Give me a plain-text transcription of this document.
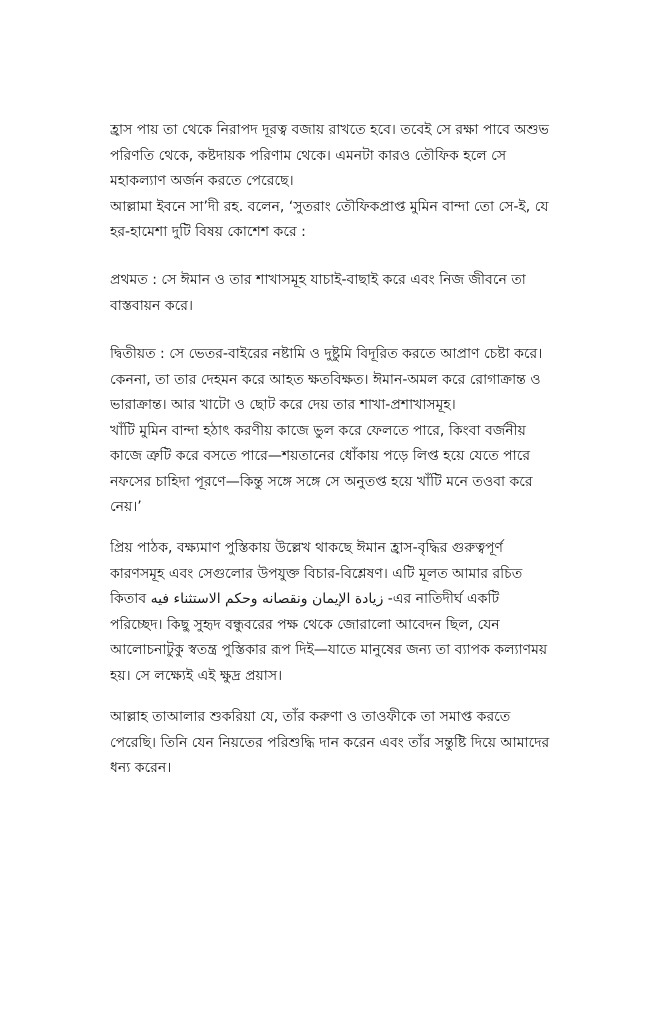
হ্রাস পায় তা থেকে নিরাপদ দূরত্ব বজায় রাখতে হবে। তবেই সে রক্ষা পাবে অশুভ
পরিণতি থেকে, কষ্টদায়ক পরিণাম থেকে। এমনটা কারও তৌফিক হলে সে
মহাকল্যাণ অর্জন করতে পেরেছে।
আল্লামা ইবনে সা’দী রহ. বলেন, ‘সুতরাং তৌফিকপ্রাপ্ত মুমিন বান্দা তো সে-ই, যে
হর-হামেশা দুটি বিষয় কোশেশ করে :
প্রথমত : সে ঈমান ও তার শাখাসমূহ যাচাই-বাছাই করে এবং নিজ জীবনে তা
বাস্তবায়ন করে।
দ্বিতীয়ত : সে ভেতর-বাইরের নষ্টামি ও দুষ্টুমি বিদূরিত করতে আপ্রাণ চেষ্টা করে।
কেননা, তা তার দেহমন করে আহত ক্ষতবিক্ষত। ঈমান-অমল করে রোগাক্রান্ত ও
ভারাক্রান্ত। আর খাটো ও ছোট করে দেয় তার শাখা-প্রশাখাসমূহ।
খাঁটি মুমিন বান্দা হঠাৎ করণীয় কাজে ভুল করে ফেলতে পারে, কিংবা বর্জনীয়
কাজে ত্রুটি করে বসতে পারে—শয়তানের ধোঁকায় পড়ে লিপ্ত হয়ে যেতে পারে
নফসের চাহিদা পূরণে—কিন্তু সঙ্গে সঙ্গে সে অনুতপ্ত হয়ে খাঁটি মনে তওবা করে
নেয়।’
প্রিয় পাঠক, বক্ষ্যমাণ পুস্তিকায় উল্লেখ থাকছে ঈমান হ্রাস-বৃদ্ধির গুরুত্বপূর্ণ
কারণসমূহ এবং সেগুলোর উপযুক্ত বিচার-বিশ্লেষণ। এটি মূলত আমার রচিত
কিতাব زيادة الإيمان ونقصانه وحكم الاستثناء فيه -এর নাতিদীর্ঘ একটি
পরিচ্ছেদ। কিছু সুহৃদ বন্ধুবরের পক্ষ থেকে জোরালো আবেদন ছিল, যেন
আলোচনাটুকু স্বতন্ত্র পুস্তিকার রূপ দিই—যাতে মানুষের জন্য তা ব্যাপক কল্যাণময়
হয়। সে লক্ষ্যেই এই ক্ষুদ্র প্রয়াস।
আল্লাহ তাআলার শুকরিয়া যে, তাঁর করুণা ও তাওফীকে তা সমাপ্ত করতে
পেরেছি। তিনি যেন নিয়তের পরিশুদ্ধি দান করেন এবং তাঁর সন্তুষ্টি দিয়ে আমাদের
ধন্য করেন।
